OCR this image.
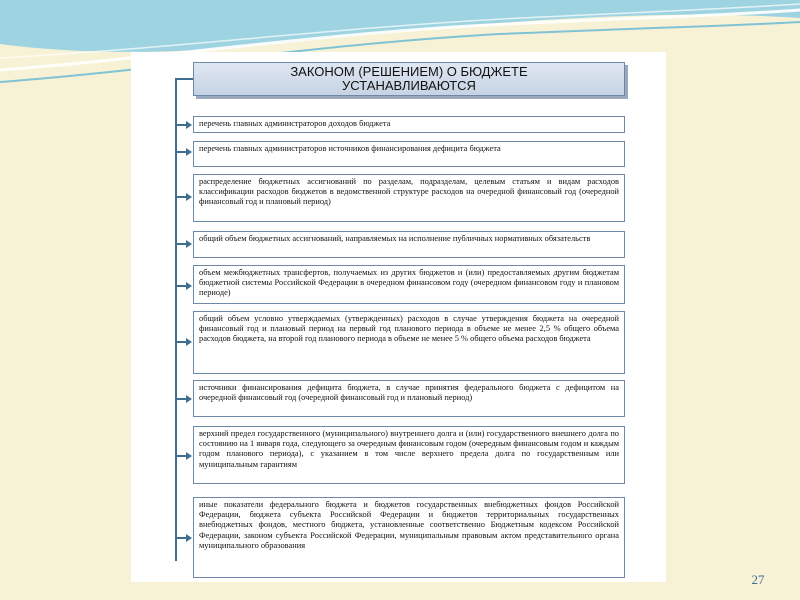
ЗАКОНОМ (РЕШЕНИЕМ) О БЮДЖЕТЕ
УСТАНАВЛИВАЮТСЯ
перечень главных администраторов доходов бюджета
перечень главных администраторов источников финансирования дефицита бюджета
распределение бюджетных ассигнований по разделам, подразделам, целевым статьям и видам расходов классификации расходов бюджетов в ведомственной структуре расходов на очередной финансовый год (очередной финансовый год и плановый период)
общий объем бюджетных ассигнований, направляемых на исполнение публичных нормативных обязательств
объем межбюджетных трансфертов, получаемых из других бюджетов и (или) предоставляемых другим бюджетам бюджетной системы Российской Федерации в очередном финансовом году (очередном финансовом году и плановом периоде)
общий объем условно утверждаемых (утвержденных) расходов в случае утверждения бюджета на очередной финансовый год и плановый период на первый год планового периода в объеме не менее 2,5 % общего объема расходов бюджета, на второй год планового периода в объеме не менее 5 % общего объема расходов бюджета
источники финансирования дефицита бюджета, в случае принятия федерального бюджета с дефицитом на очередной финансовый год (очередной финансовый год и плановый период)
верхний предел государственного (муниципального) внутреннего долга и (или) государственного внешнего долга по состоянию на 1 января года, следующего за очередным финансовым годом (очередным финансовым годом и каждым годом планового периода), с указанием в том числе верхнего предела долга по государственным или муниципальным гарантиям
иные показатели федерального бюджета и бюджетов государственных внебюджетных фондов Российской Федерации, бюджета субъекта Российской Федерации и бюджетов территориальных государственных внебюджетных фондов, местного бюджета, установленные соответственно Бюджетным кодексом Российской Федерации, законом субъекта Российской Федерации, муниципальным правовым актом представительного органа муниципального образования
27
